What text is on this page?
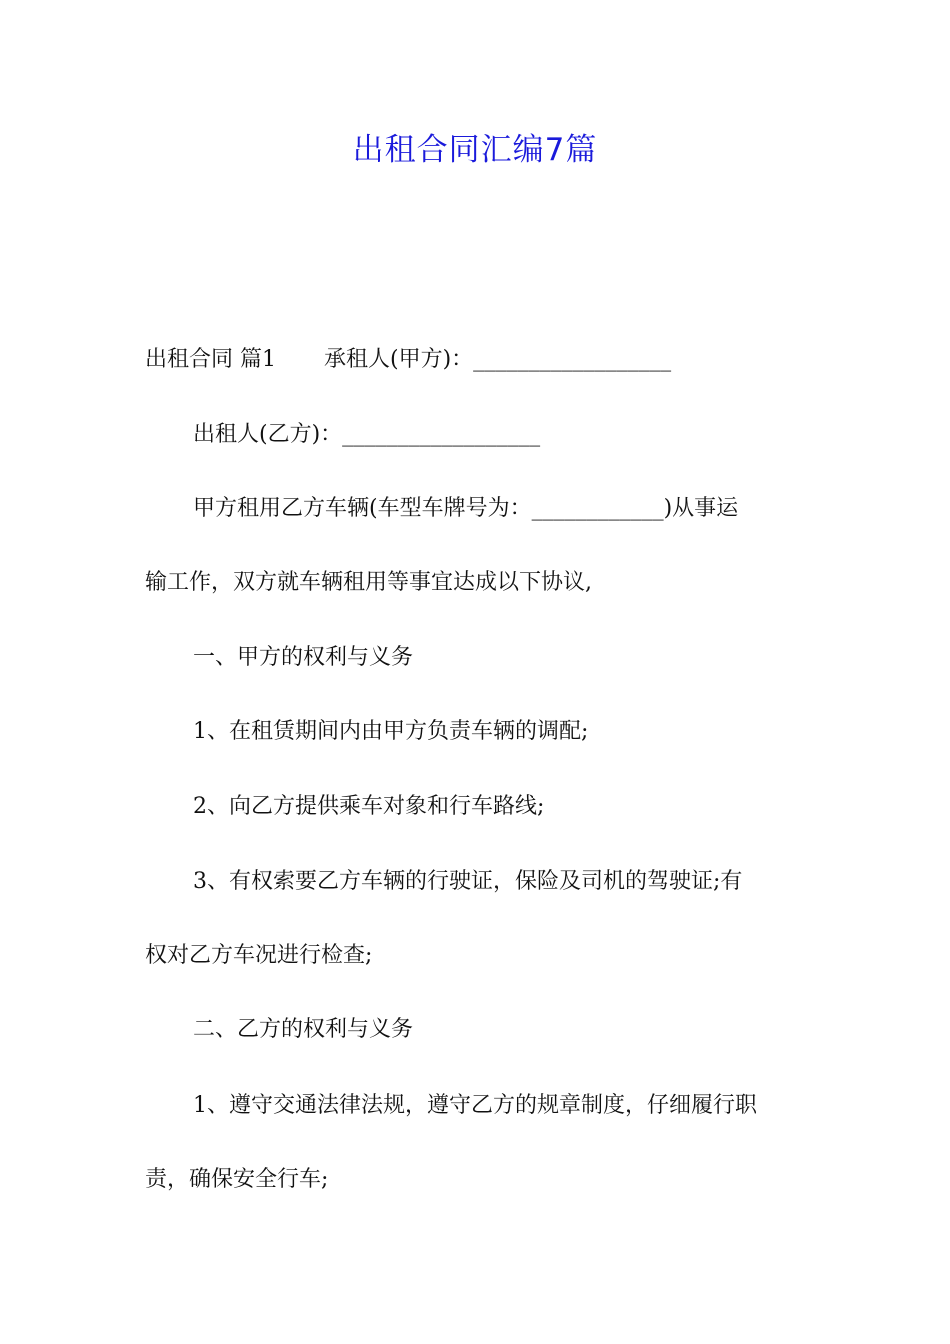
出租合同汇编7篇
出租合同 篇1 承租人(甲方)：__________________
出租人(乙方)：__________________
甲方租用乙方车辆(车型车牌号为：____________)从事运
输工作，双方就车辆租用等事宜达成以下协议,
一、甲方的权利与义务
1、在租赁期间内由甲方负责车辆的调配;
2、向乙方提供乘车对象和行车路线;
3、有权索要乙方车辆的行驶证，保险及司机的驾驶证;有
权对乙方车况进行检查;
二、乙方的权利与义务
1、遵守交通法律法规，遵守乙方的规章制度，仔细履行职
责，确保安全行车;
